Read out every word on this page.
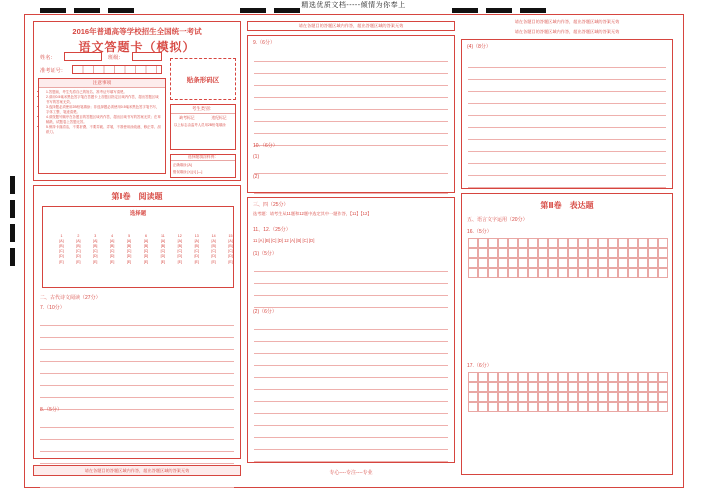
精选优质文档-----倾情为你奉上
2016年普通高等学校招生全国统一考试
语文答题卡（模拟）
姓名：	班级：
准考证号：
注意事项
• 1.答题前，考生先将自己的姓名、准考证号填写清楚。
• 2.请用0.5毫米黑色签字笔在答题卡上各题目指定区域内作答，超出答题区域书写的答案无效。
• 3.选择题必须使用2B铅笔填涂；非选择题必须使用0.5毫米黑色签字笔书写，字体工整、笔迹清楚。
• 4.请按题号顺序在各题目的答题区域内作答，超出区域书写的答案无效；在草稿纸、试题卷上答题无效。
• 5.保持卡面清洁，不要折叠、不要弄破、弄皱，不准使用涂改液、修正带、刮纸刀。
贴条形码区
考生类别：
缺考标记	违纪标记
以上标志由监考人员用2B铅笔填涂
选择题填涂样例：
正确填涂 [A]
错误填涂 [×] [√] [—]
第Ⅰ卷　阅读题
选择题
1	2	3	4	5	6	11	12	13	14	15
[A]	[A]	[A]	[A]	[A]	[A]	[A]	[A]	[A]	[A]	[A]
[B]	[B]	[B]	[B]	[B]	[B]	[B]	[B]	[B]	[B]	[B]
[C]	[C]	[C]	[C]	[C]	[C]	[C]	[C]	[C]	[C]	[C]
[D]	[D]	[D]	[D]	[D]	[D]	[D]	[D]	[D]	[D]	[D]
[E]	[E]	[E]	[E]	[E]	[E]	[E]	[E]	[E]	[E]	[E]
二、古代诗文阅读（27分）
7.（10分）
8.（5分）
请在各题目的答题区域内作答，超出答题区域的答案无效
请在各题目的答题区域内作答，超出答题区域的答案无效
9.（6分）
10.（6分）
(1)
(2)
三、四（25分）
选考题：请考生从11题和12题中选定其中一题作答，【11】【12】
11、12.（25分）
11 [A] [B] [C] [D] 12 [A] [B] [C] [D]
(1)（5分）
(2)（6分）
专心----专注----专业
请在各题目的答题区域内作答，超出答题区域的答案无效
请在各题目的答题区域内作答，超出答题区域的答案无效
(4)（8分）
第Ⅱ卷　表达题
五、语言文字运用（20分）
16.（5分）
17.（6分）
